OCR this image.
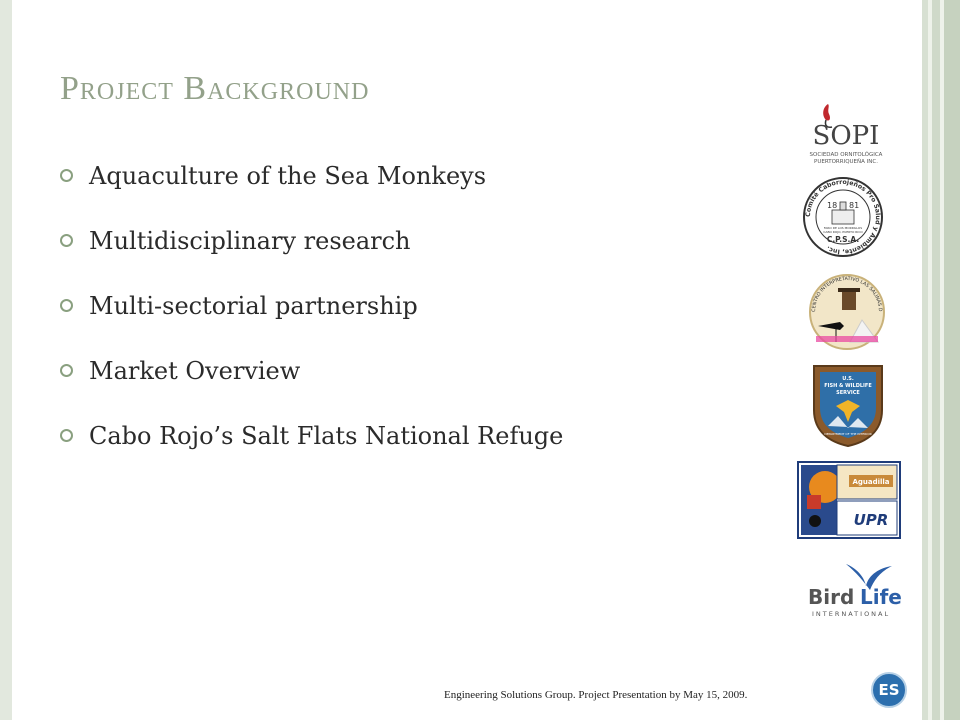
Project Background
Aquaculture of the Sea Monkeys
Multidisciplinary research
Multi-sectorial partnership
Market Overview
Cabo Rojo’s Salt Flats National Refuge
SOPI
SOCIEDAD ORNITOLÓGICA
PUERTORRIQUEÑA INC.
Comité Caborrojeños Pro Salud y Ambiente, Inc.
18 81
FARO DE LOS MORRILLOS
CABO ROJO, PUERTO RICO
C.P.S.A.
CENTRO INTERPRETATIVO LAS SALINAS D
U.S.
FISH & WILDLIFE
SERVICE
DEPARTMENT OF THE INTERIOR
Aguadilla
UPR
Bird Life
INTERNATIONAL
Engineering Solutions Group. Project Presentation by May 15, 2009.	ES
